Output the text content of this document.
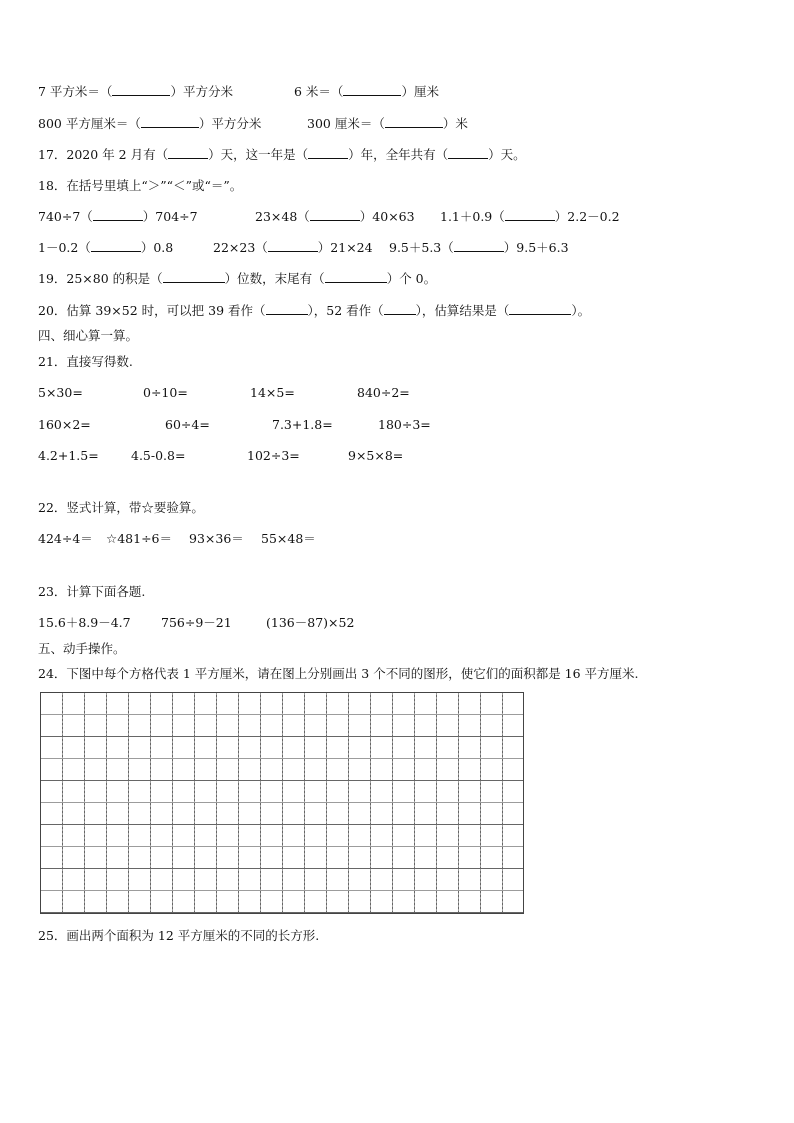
7 平方米＝（	）平方分米	6 米＝（	）厘米
800 平方厘米＝（	）平方分米	300 厘米＝（	）米
17．2020 年 2 月有（	）天，这一年是（	）年，全年共有（	）天。
18．在括号里填上“＞”“＜”或“＝”。
740÷7（	）704÷7	23×48（	）40×63 1.1＋0.9（	）2.2－0.2
1－0.2（	）0.8	22×23（	）21×24 9.5＋5.3（	）9.5＋6.3
19．25×80 的积是（	）位数，末尾有（	）个 0。
20．估算 39×52 时，可以把 39 看作（	），52 看作（	），估算结果是（	）。
四、细心算一算。
21．直接写得数.
5×30=	0÷10=	14×5=	840÷2=
160×2=	60÷4=	7.3+1.8=	180÷3=
4.2+1.5=	4.5-0.8=	102÷3=	9×5×8=
22．竖式计算，带☆要验算。
424÷4＝ ☆481÷6＝ 93×36＝ 55×48＝
23．计算下面各题.
15.6＋8.9－4.7 756÷9－21	(136－87)×52
五、动手操作。
24．下图中每个方格代表 1 平方厘米，请在图上分别画出 3 个不同的图形，使它们的面积都是 16 平方厘米.
25．画出两个面积为 12 平方厘米的不同的长方形.
